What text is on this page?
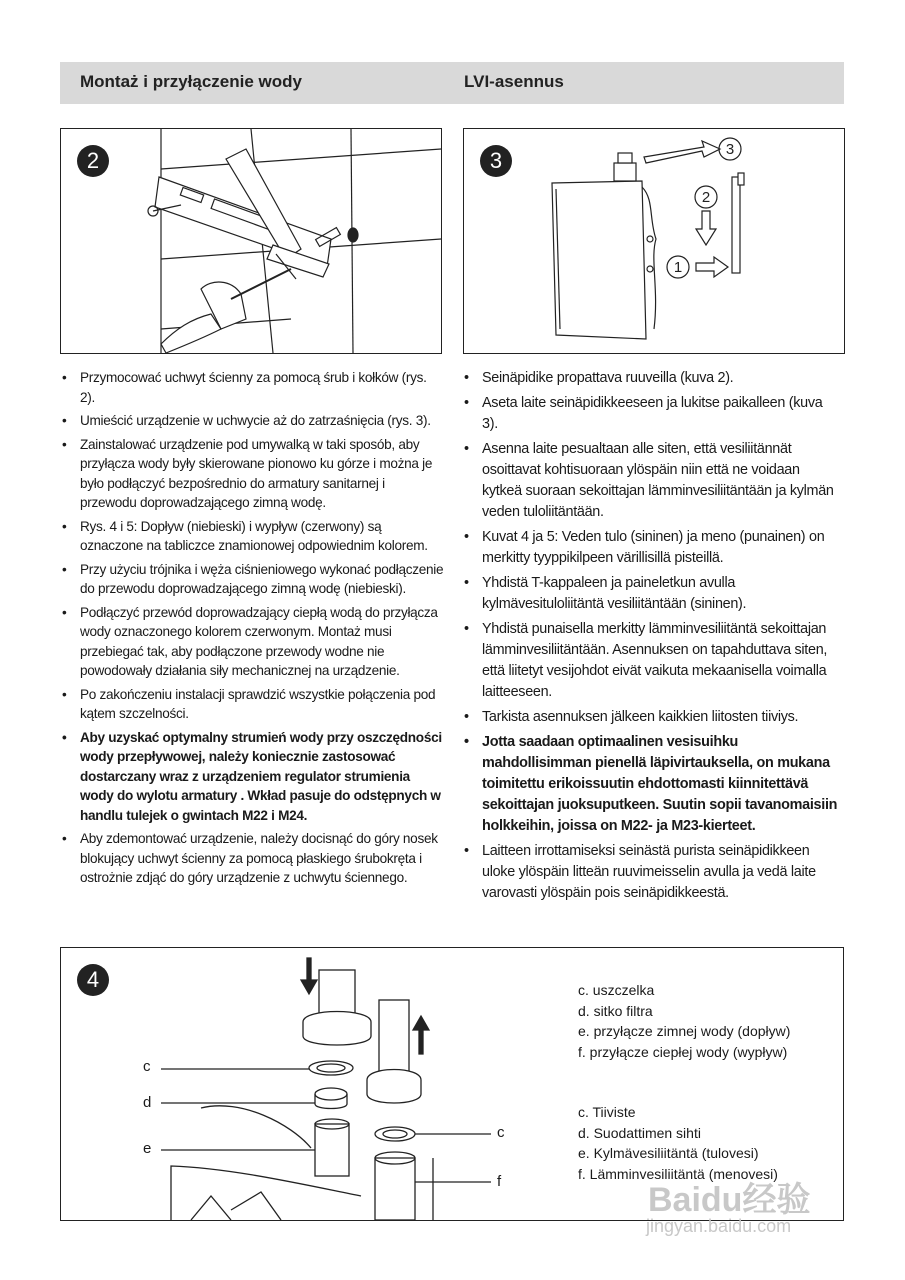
Montaż i przyłączenie wody	LVI-asennus
2	3	3
2
1
• Przymocować uchwyt ścienny za pomocą śrub i kołków (rys. 2).
• Umieścić urządzenie w uchwycie aż do zatrzaśnięcia (rys. 3).
• Zainstalować urządzenie pod umywalką w taki sposób, aby przyłącza wody były skierowane pionowo ku górze i można je było podłączyć bezpośrednio do armatury sanitarnej i przewodu doprowadzającego zimną wodę.
• Rys. 4 i 5: Dopływ (niebieski) i wypływ (czerwony) są oznaczone na tabliczce znamionowej odpowiednim kolorem.
• Przy użyciu trójnika i węża ciśnieniowego wykonać podłączenie do przewodu doprowadzającego zimną wodę (niebieski).
• Podłączyć przewód doprowadzający ciepłą wodą do przyłącza wody oznaczonego kolorem czerwonym. Montaż musi przebiegać tak, aby podłączone przewody wodne nie powodowały działania siły mechanicznej na urządzenie.
• Po zakończeniu instalacji sprawdzić wszystkie połączenia pod kątem szczelności.
• Aby uzyskać optymalny strumień wody przy oszczędności wody przepływowej, należy koniecznie zastosować dostarczany wraz z urządzeniem regulator strumienia wody do wylotu armatury . Wkład pasuje do odstępnych w handlu tulejek o gwintach M22 i M24.
• Aby zdemontować urządzenie, należy docisnąć do góry nosek blokujący uchwyt ścienny za pomocą płaskiego śrubokręta i ostrożnie zdjąć do góry urządzenie z uchwytu ściennego.
• Seinäpidike propattava ruuveilla (kuva 2).
• Aseta laite seinäpidikkeeseen ja lukitse paikalleen (kuva 3).
• Asenna laite pesualtaan alle siten, että vesiliitännät osoittavat kohtisuoraan ylöspäin niin että ne voidaan kytkeä suoraan sekoittajan lämminvesiliitäntään ja kylmän veden tuloliitäntään.
• Kuvat 4 ja 5: Veden tulo (sininen) ja meno (punainen) on merkitty tyyppikilpeen värillisillä pisteillä.
• Yhdistä T-kappaleen ja paineletkun avulla kylmävesituloliitäntä vesiliitäntään (sininen).
• Yhdistä punaisella merkitty lämminvesiliitäntä sekoittajan lämminvesiliitäntään. Asennuksen on tapahduttava siten, että liitetyt vesijohdot eivät vaikuta mekaanisella voimalla laitteeseen.
• Tarkista asennuksen jälkeen kaikkien liitosten tiiviys.
• Jotta saadaan optimaalinen vesisuihku mahdollisimman pienellä läpivirtauksella, on mukana toimitettu erikoissuutin ehdottomasti kiinnitettävä sekoittajan juoksuputkeen. Suutin sopii tavanomaisiin holkkeihin, joissa on M22- ja M23-kierteet.
• Laitteen irrottamiseksi seinästä purista seinäpidikkeen uloke ylöspäin litteän ruuvimeisselin avulla ja vedä laite varovasti ylöspäin pois seinäpidikkeestä.
4
c
d
e
c
f
c. uszczelka
d. sitko filtra
e. przyłącze zimnej wody (dopływ)
f. przyłącze ciepłej wody (wypływ)
c. Tiiviste
d. Suodattimen sihti
e. Kylmävesiliitäntä (tulovesi)
f. Lämminvesiliitäntä (menovesi)
Baidu经验
jingyan.baidu.com
